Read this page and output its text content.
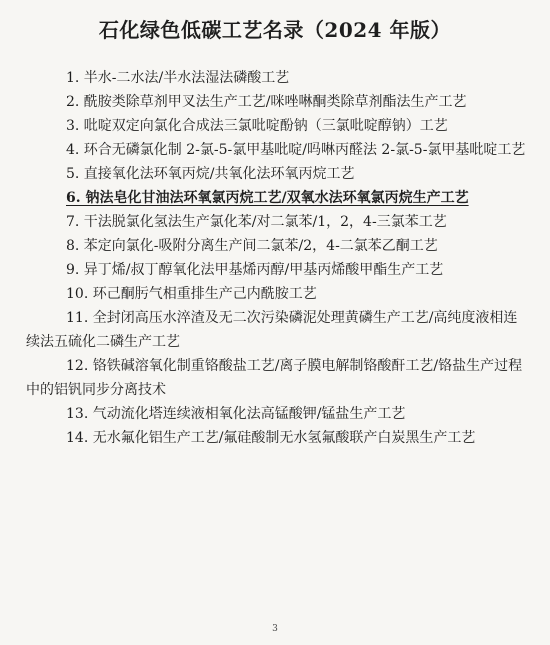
石化绿色低碳工艺名录（2024 年版）

1. 半水-二水法/半水法湿法磷酸工艺

2. 酰胺类除草剂甲叉法生产工艺/咪唑啉酮类除草剂酯法生产工艺

3. 吡啶双定向氯化合成法三氯吡啶酚钠（三氯吡啶醇钠）工艺

4. 环合无磷氯化制 2-氯-5-氯甲基吡啶/吗啉丙醛法 2-氯-5-氯甲基吡啶工艺

5. 直接氧化法环氧丙烷/共氧化法环氧丙烷工艺

6. 钠法皂化甘油法环氧氯丙烷工艺/双氧水法环氧氯丙烷生产工艺

7. 干法脱氯化氢法生产氯化苯/对二氯苯/1，2，4-三氯苯工艺

8. 苯定向氯化-吸附分离生产间二氯苯/2，4-二氯苯乙酮工艺

9. 异丁烯/叔丁醇氧化法甲基烯丙醇/甲基丙烯酸甲酯生产工艺

10. 环己酮肟气相重排生产己内酰胺工艺

11. 全封闭高压水淬渣及无二次污染磷泥处理黄磷生产工艺/高纯度液相连续法五硫化二磷生产工艺

12. 铬铁碱溶氧化制重铬酸盐工艺/离子膜电解制铬酸酐工艺/铬盐生产过程中的铝钒同步分离技术

13. 气动流化塔连续液相氧化法高锰酸钾/锰盐生产工艺

14. 无水氟化铝生产工艺/氟硅酸制无水氢氟酸联产白炭黑生产工艺

3
